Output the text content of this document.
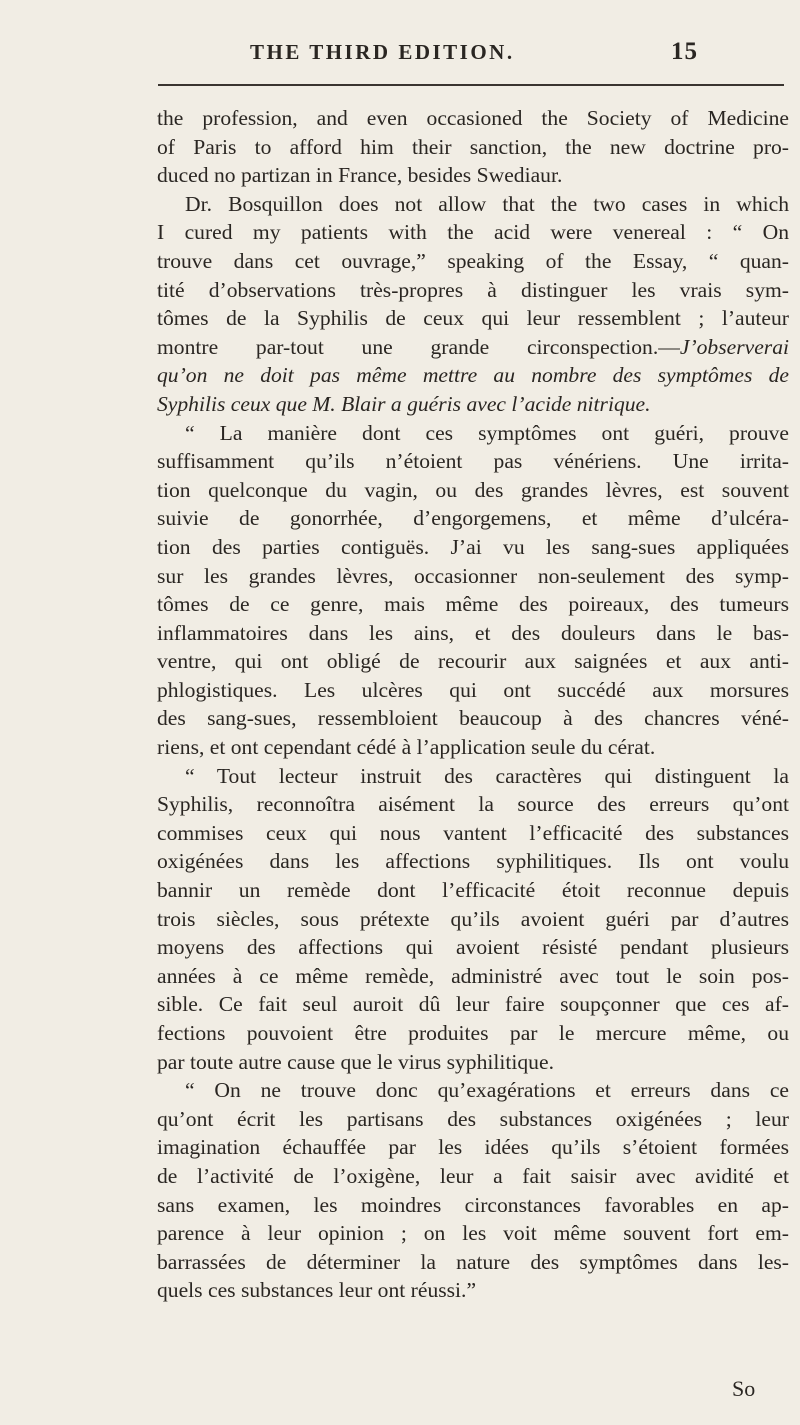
THE THIRD EDITION.	15
the profession, and even occasioned the Society of Medicine
of Paris to afford him their sanction, the new doctrine pro-
duced no partizan in France, besides Swediaur.
Dr. Bosquillon does not allow that the two cases in which
I cured my patients with the acid were venereal : “ On
trouve dans cet ouvrage,” speaking of the Essay, “ quan-
tité d’observations très-propres à distinguer les vrais sym-
tômes de la Syphilis de ceux qui leur ressemblent ; l’auteur
montre par-tout une grande circonspection.—J’observerai
qu’on ne doit pas même mettre au nombre des symptômes de
Syphilis ceux que M. Blair a guéris avec l’acide nitrique.
“ La manière dont ces symptômes ont guéri, prouve
suffisamment qu’ils n’étoient pas vénériens. Une irrita-
tion quelconque du vagin, ou des grandes lèvres, est souvent
suivie de gonorrhée, d’engorgemens, et même d’ulcéra-
tion des parties contiguës. J’ai vu les sang-sues appliquées
sur les grandes lèvres, occasionner non-seulement des symp-
tômes de ce genre, mais même des poireaux, des tumeurs
inflammatoires dans les ains, et des douleurs dans le bas-
ventre, qui ont obligé de recourir aux saignées et aux anti-
phlogistiques. Les ulcères qui ont succédé aux morsures
des sang-sues, ressembloient beaucoup à des chancres véné-
riens, et ont cependant cédé à l’application seule du cérat.
“ Tout lecteur instruit des caractères qui distinguent la
Syphilis, reconnoîtra aisément la source des erreurs qu’ont
commises ceux qui nous vantent l’efficacité des substances
oxigénées dans les affections syphilitiques. Ils ont voulu
bannir un remède dont l’efficacité étoit reconnue depuis
trois siècles, sous prétexte qu’ils avoient guéri par d’autres
moyens des affections qui avoient résisté pendant plusieurs
années à ce même remède, administré avec tout le soin pos-
sible. Ce fait seul auroit dû leur faire soupçonner que ces af-
fections pouvoient être produites par le mercure même, ou
par toute autre cause que le virus syphilitique.
“ On ne trouve donc qu’exagérations et erreurs dans ce
qu’ont écrit les partisans des substances oxigénées ; leur
imagination échauffée par les idées qu’ils s’étoient formées
de l’activité de l’oxigène, leur a fait saisir avec avidité et
sans examen, les moindres circonstances favorables en ap-
parence à leur opinion ; on les voit même souvent fort em-
barrassées de déterminer la nature des symptômes dans les-
quels ces substances leur ont réussi.”
So
